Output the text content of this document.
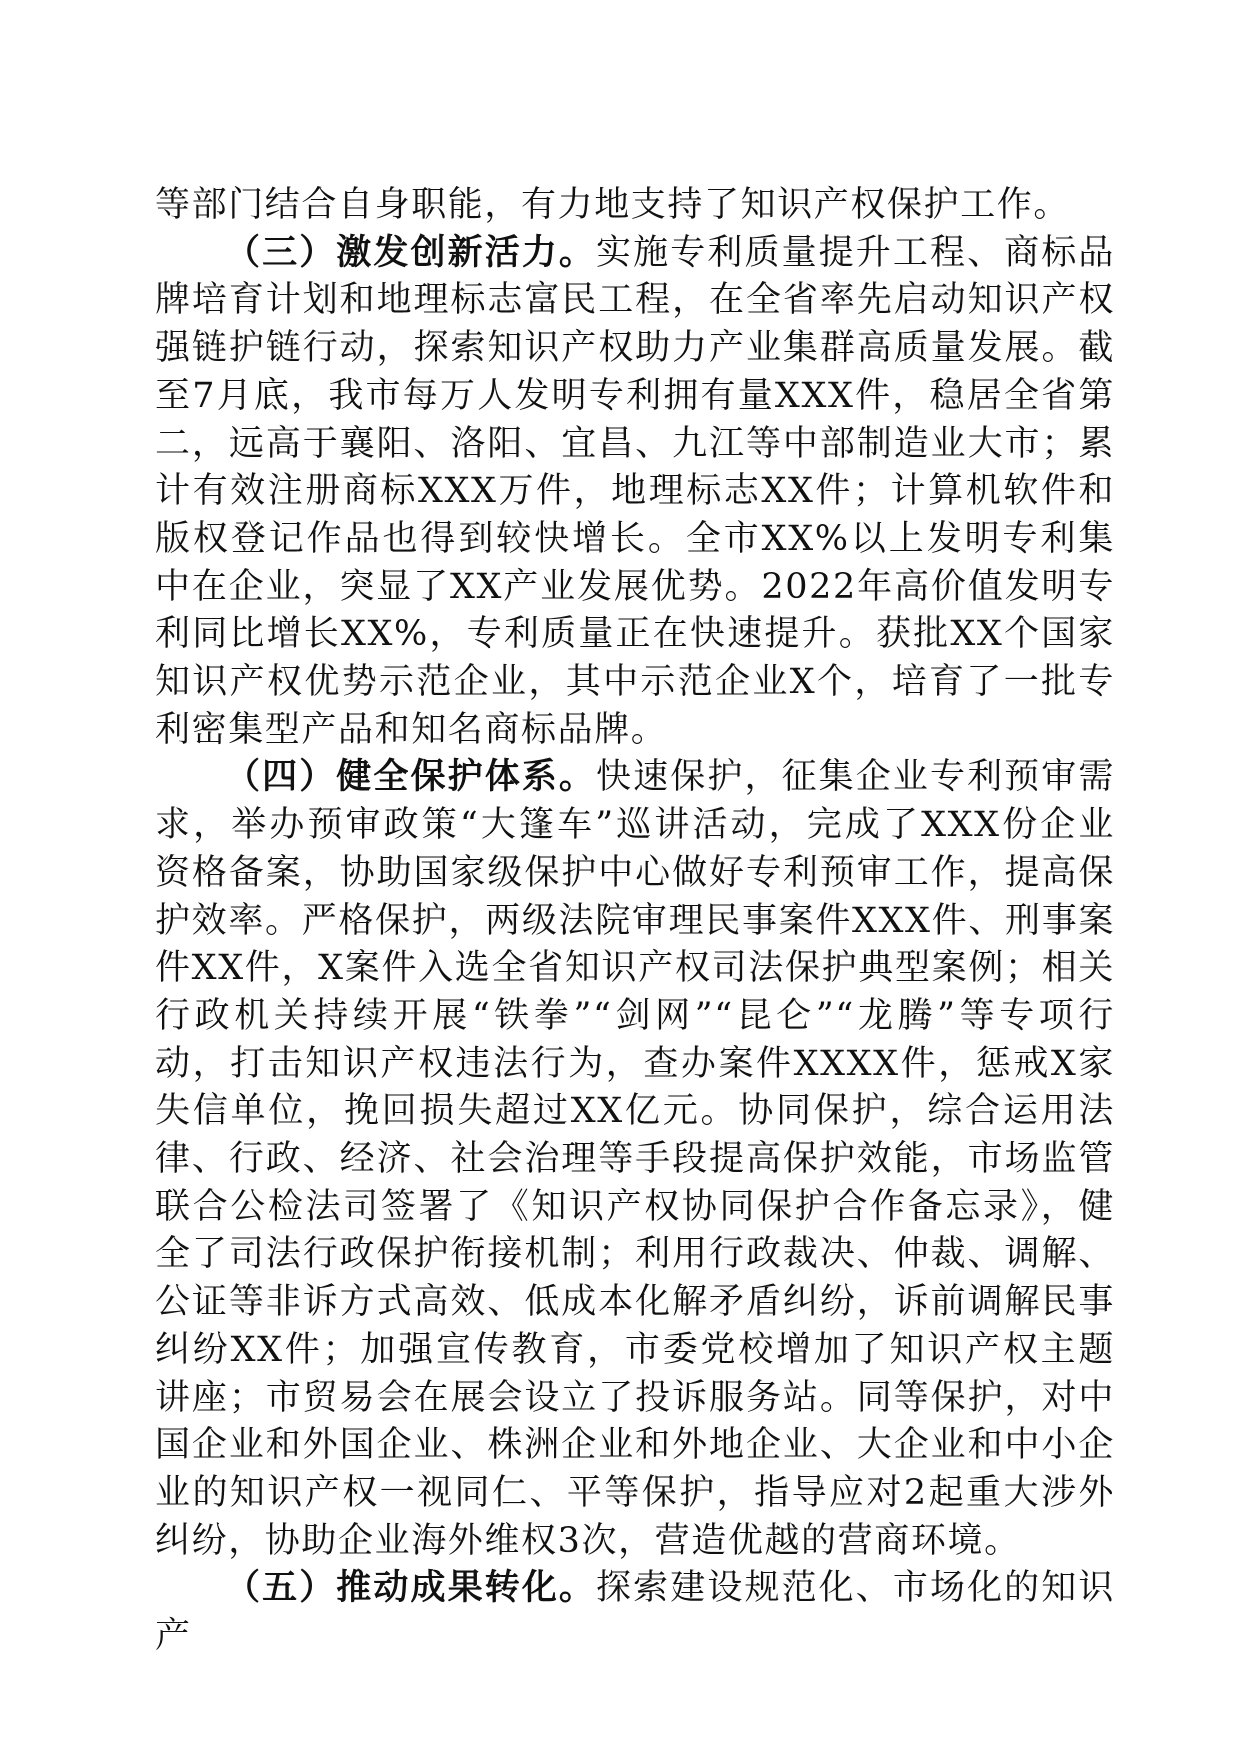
等部门结合自身职能，有力地支持了知识产权保护工作。

（三）激发创新活力。实施专利质量提升工程、商标品牌培育计划和地理标志富民工程，在全省率先启动知识产权强链护链行动，探索知识产权助力产业集群高质量发展。截至7月底，我市每万人发明专利拥有量XXX件，稳居全省第二，远高于襄阳、洛阳、宜昌、九江等中部制造业大市；累计有效注册商标XXX万件，地理标志XX件；计算机软件和版权登记作品也得到较快增长。全市XX%以上发明专利集中在企业，突显了XX产业发展优势。2022年高价值发明专利同比增长XX%，专利质量正在快速提升。获批XX个国家知识产权优势示范企业，其中示范企业X个，培育了一批专利密集型产品和知名商标品牌。

（四）健全保护体系。快速保护，征集企业专利预审需求，举办预审政策“大篷车”巡讲活动，完成了XXX份企业资格备案，协助国家级保护中心做好专利预审工作，提高保护效率。严格保护，两级法院审理民事案件XXX件、刑事案件XX件，X案件入选全省知识产权司法保护典型案例；相关行政机关持续开展“铁拳”“剑网”“昆仑”“龙腾”等专项行动，打击知识产权违法行为，查办案件XXXX件，惩戒X家失信单位，挽回损失超过XX亿元。协同保护，综合运用法律、行政、经济、社会治理等手段提高保护效能，市场监管联合公检法司签署了《知识产权协同保护合作备忘录》，健全了司法行政保护衔接机制；利用行政裁决、仲裁、调解、公证等非诉方式高效、低成本化解矛盾纠纷，诉前调解民事纠纷XX件；加强宣传教育，市委党校增加了知识产权主题讲座；市贸易会在展会设立了投诉服务站。同等保护，对中国企业和外国企业、株洲企业和外地企业、大企业和中小企业的知识产权一视同仁、平等保护，指导应对2起重大涉外纠纷，协助企业海外维权3次，营造优越的营商环境。

（五）推动成果转化。探索建设规范化、市场化的知识产
